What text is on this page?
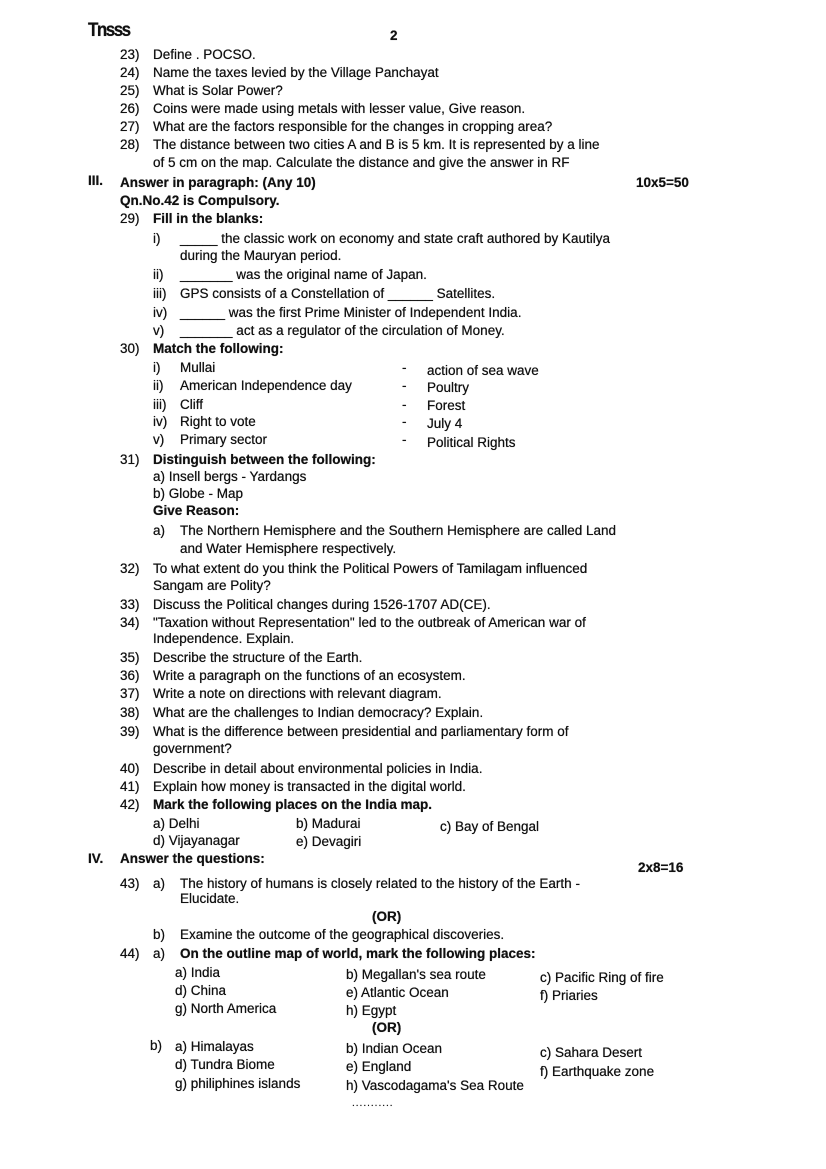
Tnsss	2
23) Define . POCSO.
24) Name the taxes levied by the Village Panchayat
25) What is Solar Power?
26) Coins were made using metals with lesser value, Give reason.
27) What are the factors responsible for the changes in cropping area?
28) The distance between two cities A and B is 5 km. It is represented by a line
of 5 cm on the map. Calculate the distance and give the answer in RF
III. Answer in paragraph: (Any 10)	10x5=50
Qn.No.42 is Compulsory.
29) Fill in the blanks:
i) _____ the classic work on economy and state craft authored by Kautilya
during the Mauryan period.
ii) _______ was the original name of Japan.
iii) GPS consists of a Constellation of ______ Satellites.
iv) ______ was the first Prime Minister of Independent India.
v) _______ act as a regulator of the circulation of Money.
30) Match the following:
i) Mullai	- action of sea wave
ii) American Independence day	- Poultry
iii) Cliff	- Forest
iv) Right to vote	- July 4
v) Primary sector	- Political Rights
31) Distinguish between the following:
a) Insell bergs - Yardangs
b) Globe - Map
Give Reason:
a) The Northern Hemisphere and the Southern Hemisphere are called Land
and Water Hemisphere respectively.
32) To what extent do you think the Political Powers of Tamilagam influenced
Sangam are Polity?
33) Discuss the Political changes during 1526-1707 AD(CE).
34) "Taxation without Representation" led to the outbreak of American war of
Independence. Explain.
35) Describe the structure of the Earth.
36) Write a paragraph on the functions of an ecosystem.
37) Write a note on directions with relevant diagram.
38) What are the challenges to Indian democracy? Explain.
39) What is the difference between presidential and parliamentary form of
government?
40) Describe in detail about environmental policies in India.
41) Explain how money is transacted in the digital world.
42) Mark the following places on the India map.
a) Delhi	b) Madurai	c) Bay of Bengal
d) Vijayanagar	e) Devagiri
IV. Answer the questions:
2x8=16
43) a) The history of humans is closely related to the history of the Earth -
Elucidate.
(OR)
b) Examine the outcome of the geographical discoveries.
44) a) On the outline map of world, mark the following places:
a) India	b) Megallan's sea route	c) Pacific Ring of fire
d) China	e) Atlantic Ocean	f) Priaries
g) North America	h) Egypt
(OR)
b) a) Himalayas	b) Indian Ocean	c) Sahara Desert
d) Tundra Biome	e) England	f) Earthquake zone
g) philiphines islands	h) Vascodagama's Sea Route
...........
